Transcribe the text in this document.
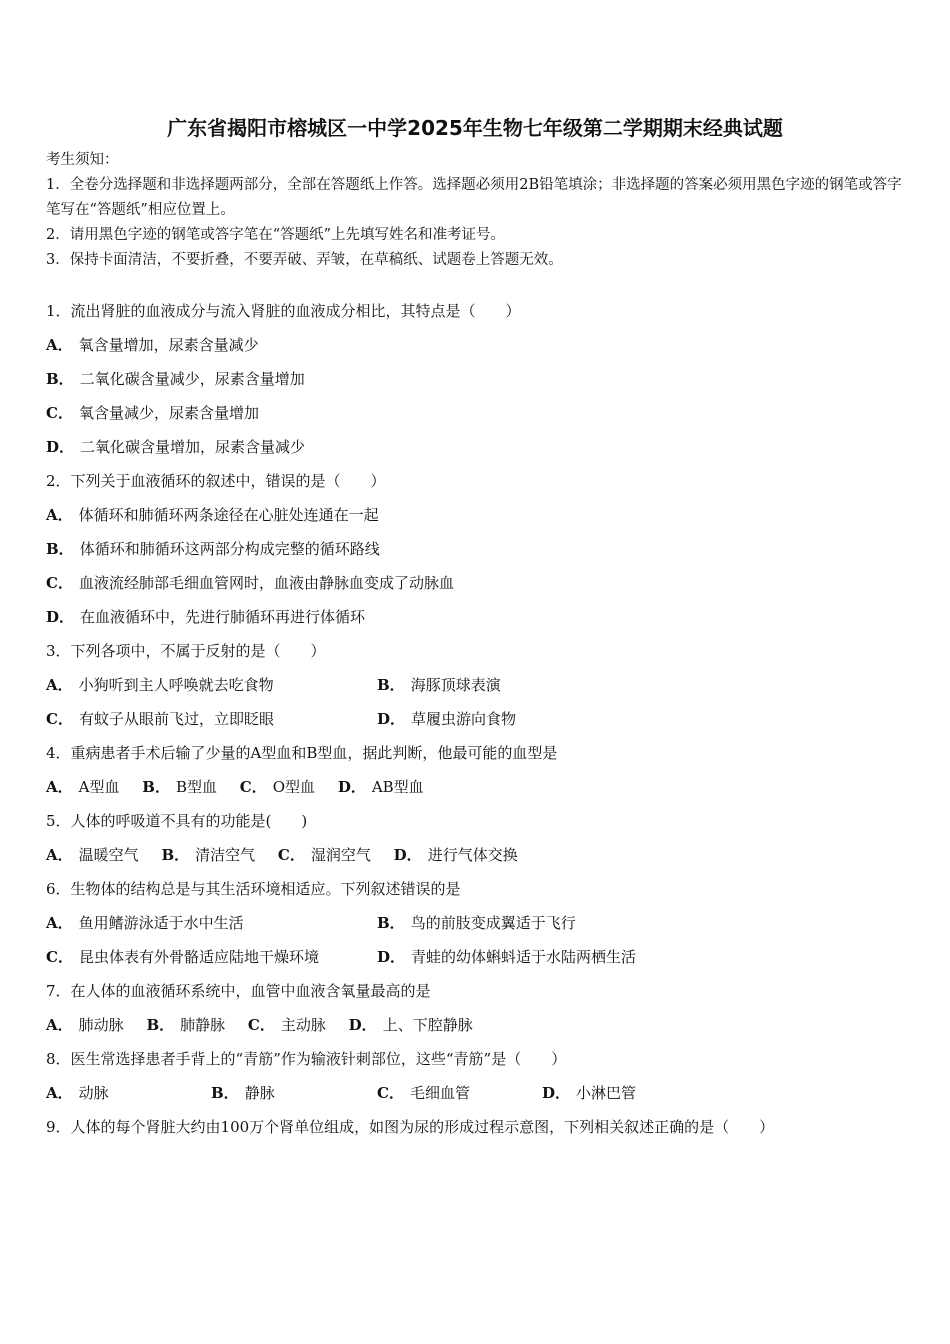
广东省揭阳市榕城区一中学2025年生物七年级第二学期期末经典试题
考生须知：
1．全卷分选择题和非选择题两部分，全部在答题纸上作答。选择题必须用2B铅笔填涂；非选择题的答案必须用黑色字迹的钢笔或答字笔写在“答题纸”相应位置上。
2．请用黑色字迹的钢笔或答字笔在“答题纸”上先填写姓名和准考证号。
3．保持卡面清洁，不要折叠，不要弄破、弄皱，在草稿纸、试题卷上答题无效。
1．流出肾脏的血液成分与流入肾脏的血液成分相比，其特点是（　　）
A． 氧含量增加，尿素含量减少
B． 二氧化碳含量减少，尿素含量增加
C． 氧含量减少，尿素含量增加
D． 二氧化碳含量增加，尿素含量减少
2．下列关于血液循环的叙述中，错误的是（　　）
A． 体循环和肺循环两条途径在心脏处连通在一起
B． 体循环和肺循环这两部分构成完整的循环路线
C． 血液流经肺部毛细血管网时，血液由静脉血变成了动脉血
D． 在血液循环中，先进行肺循环再进行体循环
3．下列各项中，不属于反射的是（　　）
A． 小狗听到主人呼唤就去吃食物	B． 海豚顶球表演
C． 有蚊子从眼前飞过，立即眨眼	D． 草履虫游向食物
4．重病患者手术后输了少量的A型血和B型血，据此判断，他最可能的血型是
A． A型血 B． B型血 C． O型血 D． AB型血
5．人体的呼吸道不具有的功能是(　　)
A． 温暖空气 B． 清洁空气 C． 湿润空气 D． 进行气体交换
6．生物体的结构总是与其生活环境相适应。下列叙述错误的是
A． 鱼用鳍游泳适于水中生活	B． 鸟的前肢变成翼适于飞行
C． 昆虫体表有外骨骼适应陆地干燥环境	D． 青蛙的幼体蝌蚪适于水陆两栖生活
7．在人体的血液循环系统中，血管中血液含氧量最高的是
A． 肺动脉 B． 肺静脉 C． 主动脉 D． 上、下腔静脉
8．医生常选择患者手背上的“青筋”作为输液针刺部位，这些“青筋”是（　　）
A． 动脉	B． 静脉	C． 毛细血管	D． 小淋巴管
9．人体的每个肾脏大约由100万个肾单位组成，如图为尿的形成过程示意图，下列相关叙述正确的是（　　）
